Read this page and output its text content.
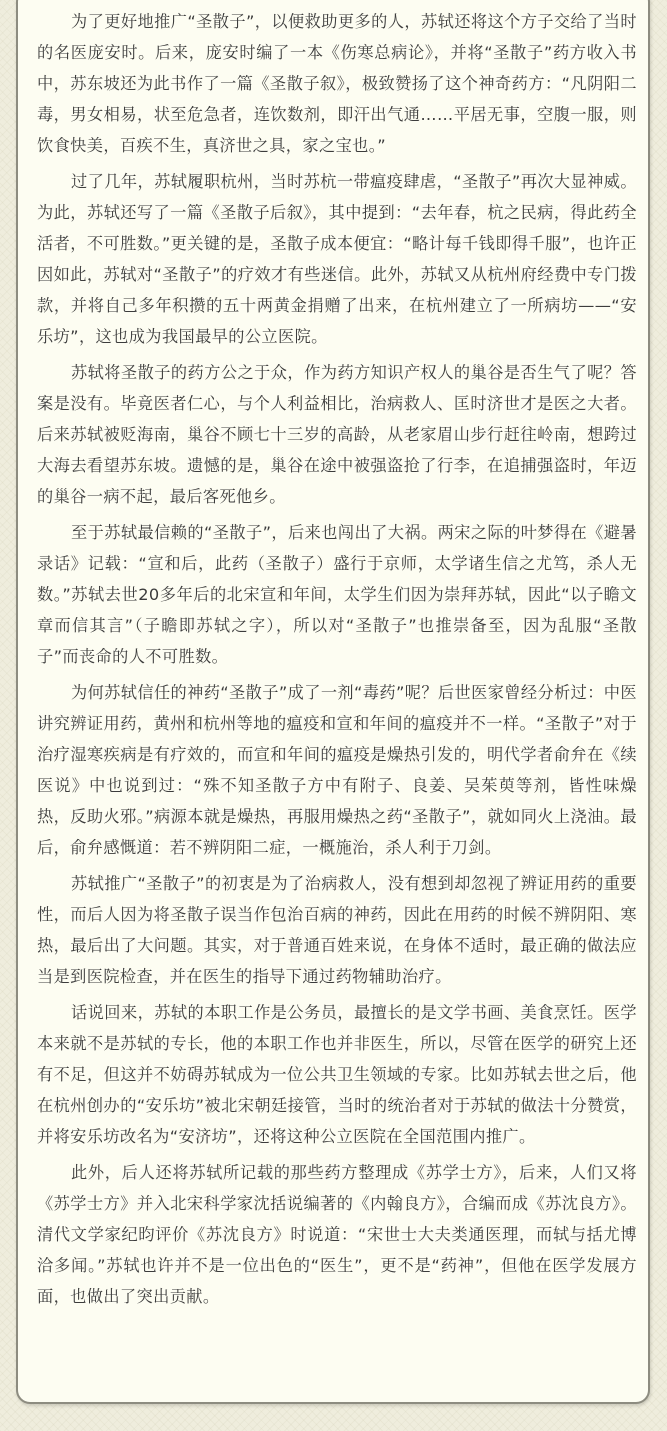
为了更好地推广“圣散子”，以便救助更多的人，苏轼还将这个方子交给了当时的名医庞安时。后来，庞安时编了一本《伤寒总病论》，并将“圣散子”药方收入书中，苏东坡还为此书作了一篇《圣散子叙》，极致赞扬了这个神奇药方：“凡阴阳二毒，男女相易，状至危急者，连饮数剂，即汗出气通……平居无事，空腹一服，则饮食快美，百疾不生，真济世之具，家之宝也。”

过了几年，苏轼履职杭州，当时苏杭一带瘟疫肆虐，“圣散子”再次大显神威。为此，苏轼还写了一篇《圣散子后叙》，其中提到：“去年春，杭之民病，得此药全活者，不可胜数。”更关键的是，圣散子成本便宜：“略计每千钱即得千服”，也许正因如此，苏轼对“圣散子”的疗效才有些迷信。此外，苏轼又从杭州府经费中专门拨款，并将自己多年积攒的五十两黄金捐赠了出来，在杭州建立了一所病坊——“安乐坊”，这也成为我国最早的公立医院。

苏轼将圣散子的药方公之于众，作为药方知识产权人的巢谷是否生气了呢？答案是没有。毕竟医者仁心，与个人利益相比，治病救人、匡时济世才是医之大者。后来苏轼被贬海南，巢谷不顾七十三岁的高龄，从老家眉山步行赶往岭南，想跨过大海去看望苏东坡。遗憾的是，巢谷在途中被强盗抢了行李，在追捕强盗时，年迈的巢谷一病不起，最后客死他乡。

至于苏轼最信赖的“圣散子”，后来也闯出了大祸。两宋之际的叶梦得在《避暑录话》记载：“宣和后，此药（圣散子）盛行于京师，太学诸生信之尤笃，杀人无数。”苏轼去世20多年后的北宋宣和年间，太学生们因为崇拜苏轼，因此“以子瞻文章而信其言”（子瞻即苏轼之字），所以对“圣散子”也推崇备至，因为乱服“圣散子”而丧命的人不可胜数。

为何苏轼信任的神药“圣散子”成了一剂“毒药”呢？后世医家曾经分析过：中医讲究辨证用药，黄州和杭州等地的瘟疫和宣和年间的瘟疫并不一样。“圣散子”对于治疗湿寒疾病是有疗效的，而宣和年间的瘟疫是燥热引发的，明代学者俞弁在《续医说》中也说到过：“殊不知圣散子方中有附子、良姜、吴茱萸等剂，皆性味燥热，反助火邪。”病源本就是燥热，再服用燥热之药“圣散子”，就如同火上浇油。最后，俞弁感慨道：若不辨阴阳二症，一概施治，杀人利于刀剑。

苏轼推广“圣散子”的初衷是为了治病救人，没有想到却忽视了辨证用药的重要性，而后人因为将圣散子误当作包治百病的神药，因此在用药的时候不辨阴阳、寒热，最后出了大问题。其实，对于普通百姓来说，在身体不适时，最正确的做法应当是到医院检查，并在医生的指导下通过药物辅助治疗。

话说回来，苏轼的本职工作是公务员，最擅长的是文学书画、美食烹饪。医学本来就不是苏轼的专长，他的本职工作也并非医生，所以，尽管在医学的研究上还有不足，但这并不妨碍苏轼成为一位公共卫生领域的专家。比如苏轼去世之后，他在杭州创办的“安乐坊”被北宋朝廷接管，当时的统治者对于苏轼的做法十分赞赏，并将安乐坊改名为“安济坊”，还将这种公立医院在全国范围内推广。

此外，后人还将苏轼所记载的那些药方整理成《苏学士方》，后来，人们又将《苏学士方》并入北宋科学家沈括说编著的《内翰良方》，合编而成《苏沈良方》。清代文学家纪昀评价《苏沈良方》时说道：“宋世士大夫类通医理，而轼与括尤博洽多闻。”苏轼也许并不是一位出色的“医生”，更不是“药神”，但他在医学发展方面，也做出了突出贡献。
